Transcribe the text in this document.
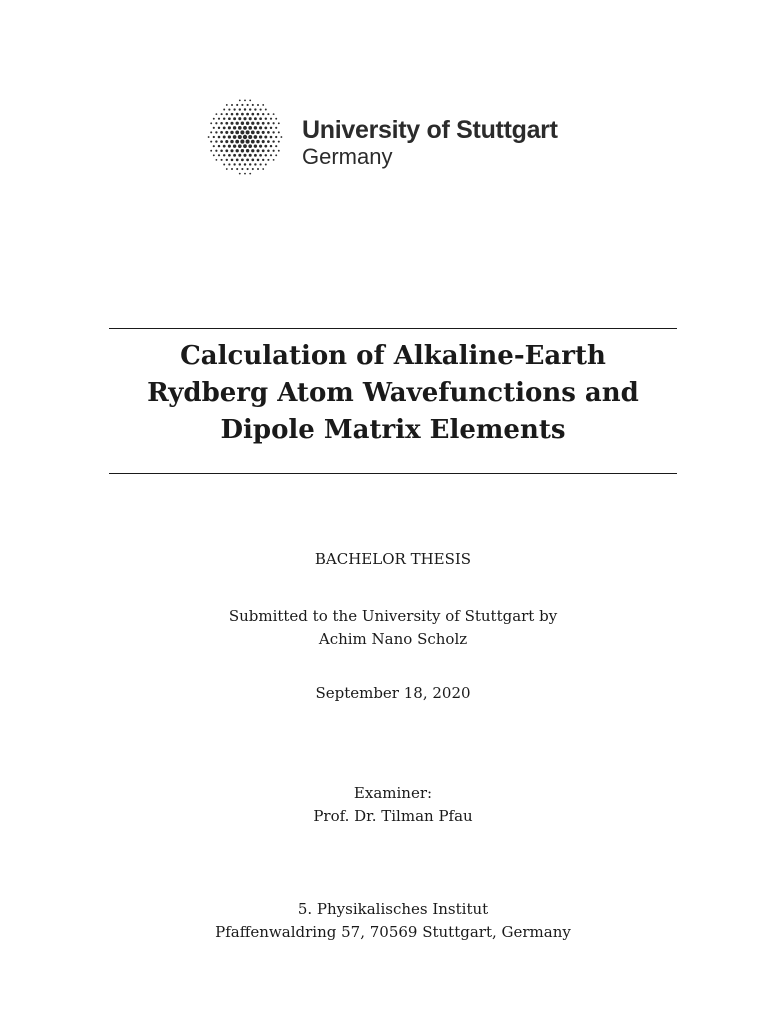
University of Stuttgart
Germany
Calculation of Alkaline-Earth
Rydberg Atom Wavefunctions and
Dipole Matrix Elements

BACHELOR THESIS

Submitted to the University of Stuttgart by
Achim Nano Scholz

September 18, 2020

Examiner:
Prof. Dr. Tilman Pfau

5. Physikalisches Institut
Pfaffenwaldring 57, 70569 Stuttgart, Germany
